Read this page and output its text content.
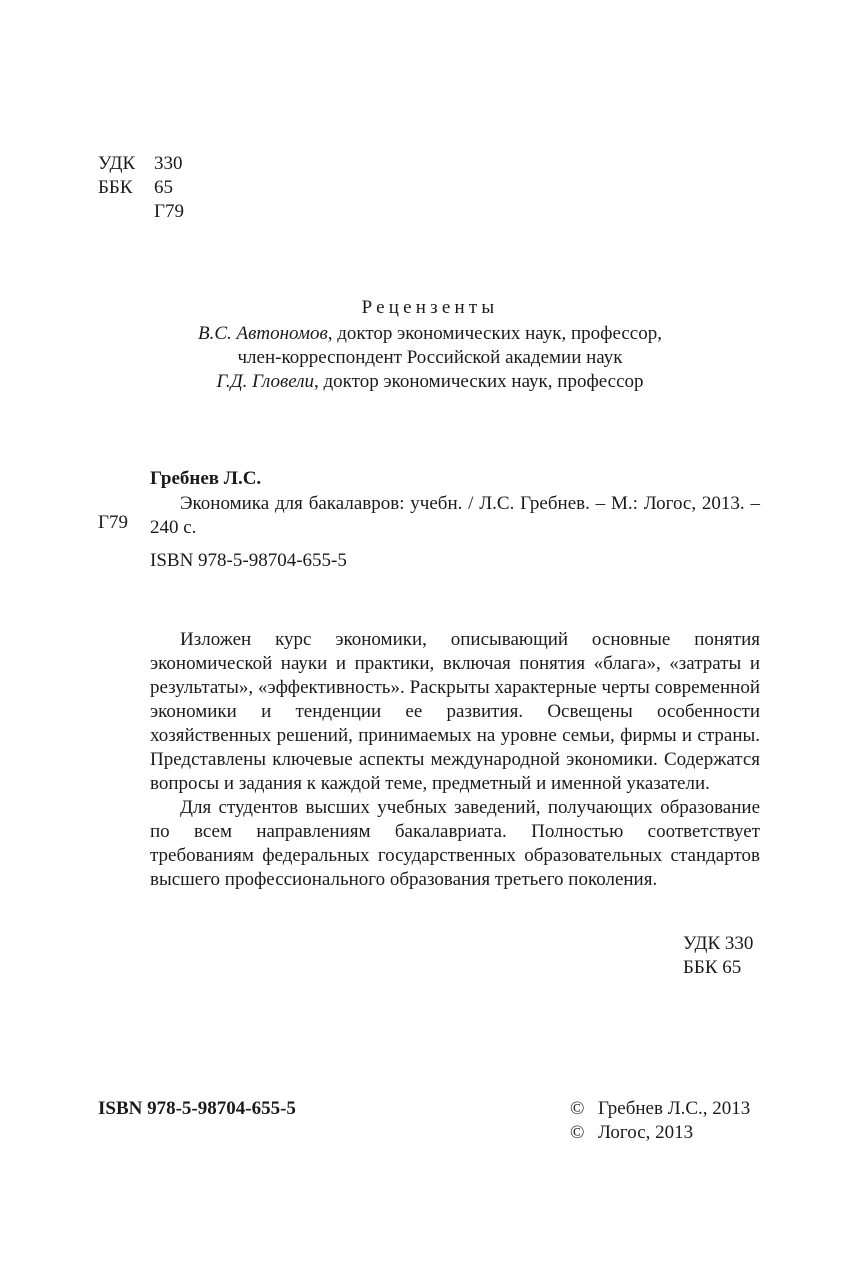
УДК 330
ББК	65
Г79
Рецензенты
В.С. Автономов, доктор экономических наук, профессор,
член-корреспондент Российской академии наук
Г.Д. Гловели, доктор экономических наук, профессор
Гребнев Л.С.
Г79
Экономика для бакалавров: учебн. / Л.С. Гребнев. – М.: Логос, 2013. – 240 с.
ISBN 978-5-98704-655-5

Изложен курс экономики, описывающий основные понятия экономической науки и практики, включая понятия «блага», «затраты и результаты», «эффективность». Раскрыты характерные черты современной экономики и тенденции ее развития. Освещены особенности хозяйственных решений, принимаемых на уровне семьи, фирмы и страны. Представлены ключевые аспекты международной экономики. Содержатся вопросы и задания к каждой теме, предметный и именной указатели.

Для студентов высших учебных заведений, получающих образование по всем направлениям бакалавриата. Полностью соответствует требованиям федеральных государственных образовательных стандартов высшего профессионального образования третьего поколения.

УДК 330
ББК 65
ISBN 978-5-98704-655-5	© Гребнев Л.С., 2013
© Логос, 2013
